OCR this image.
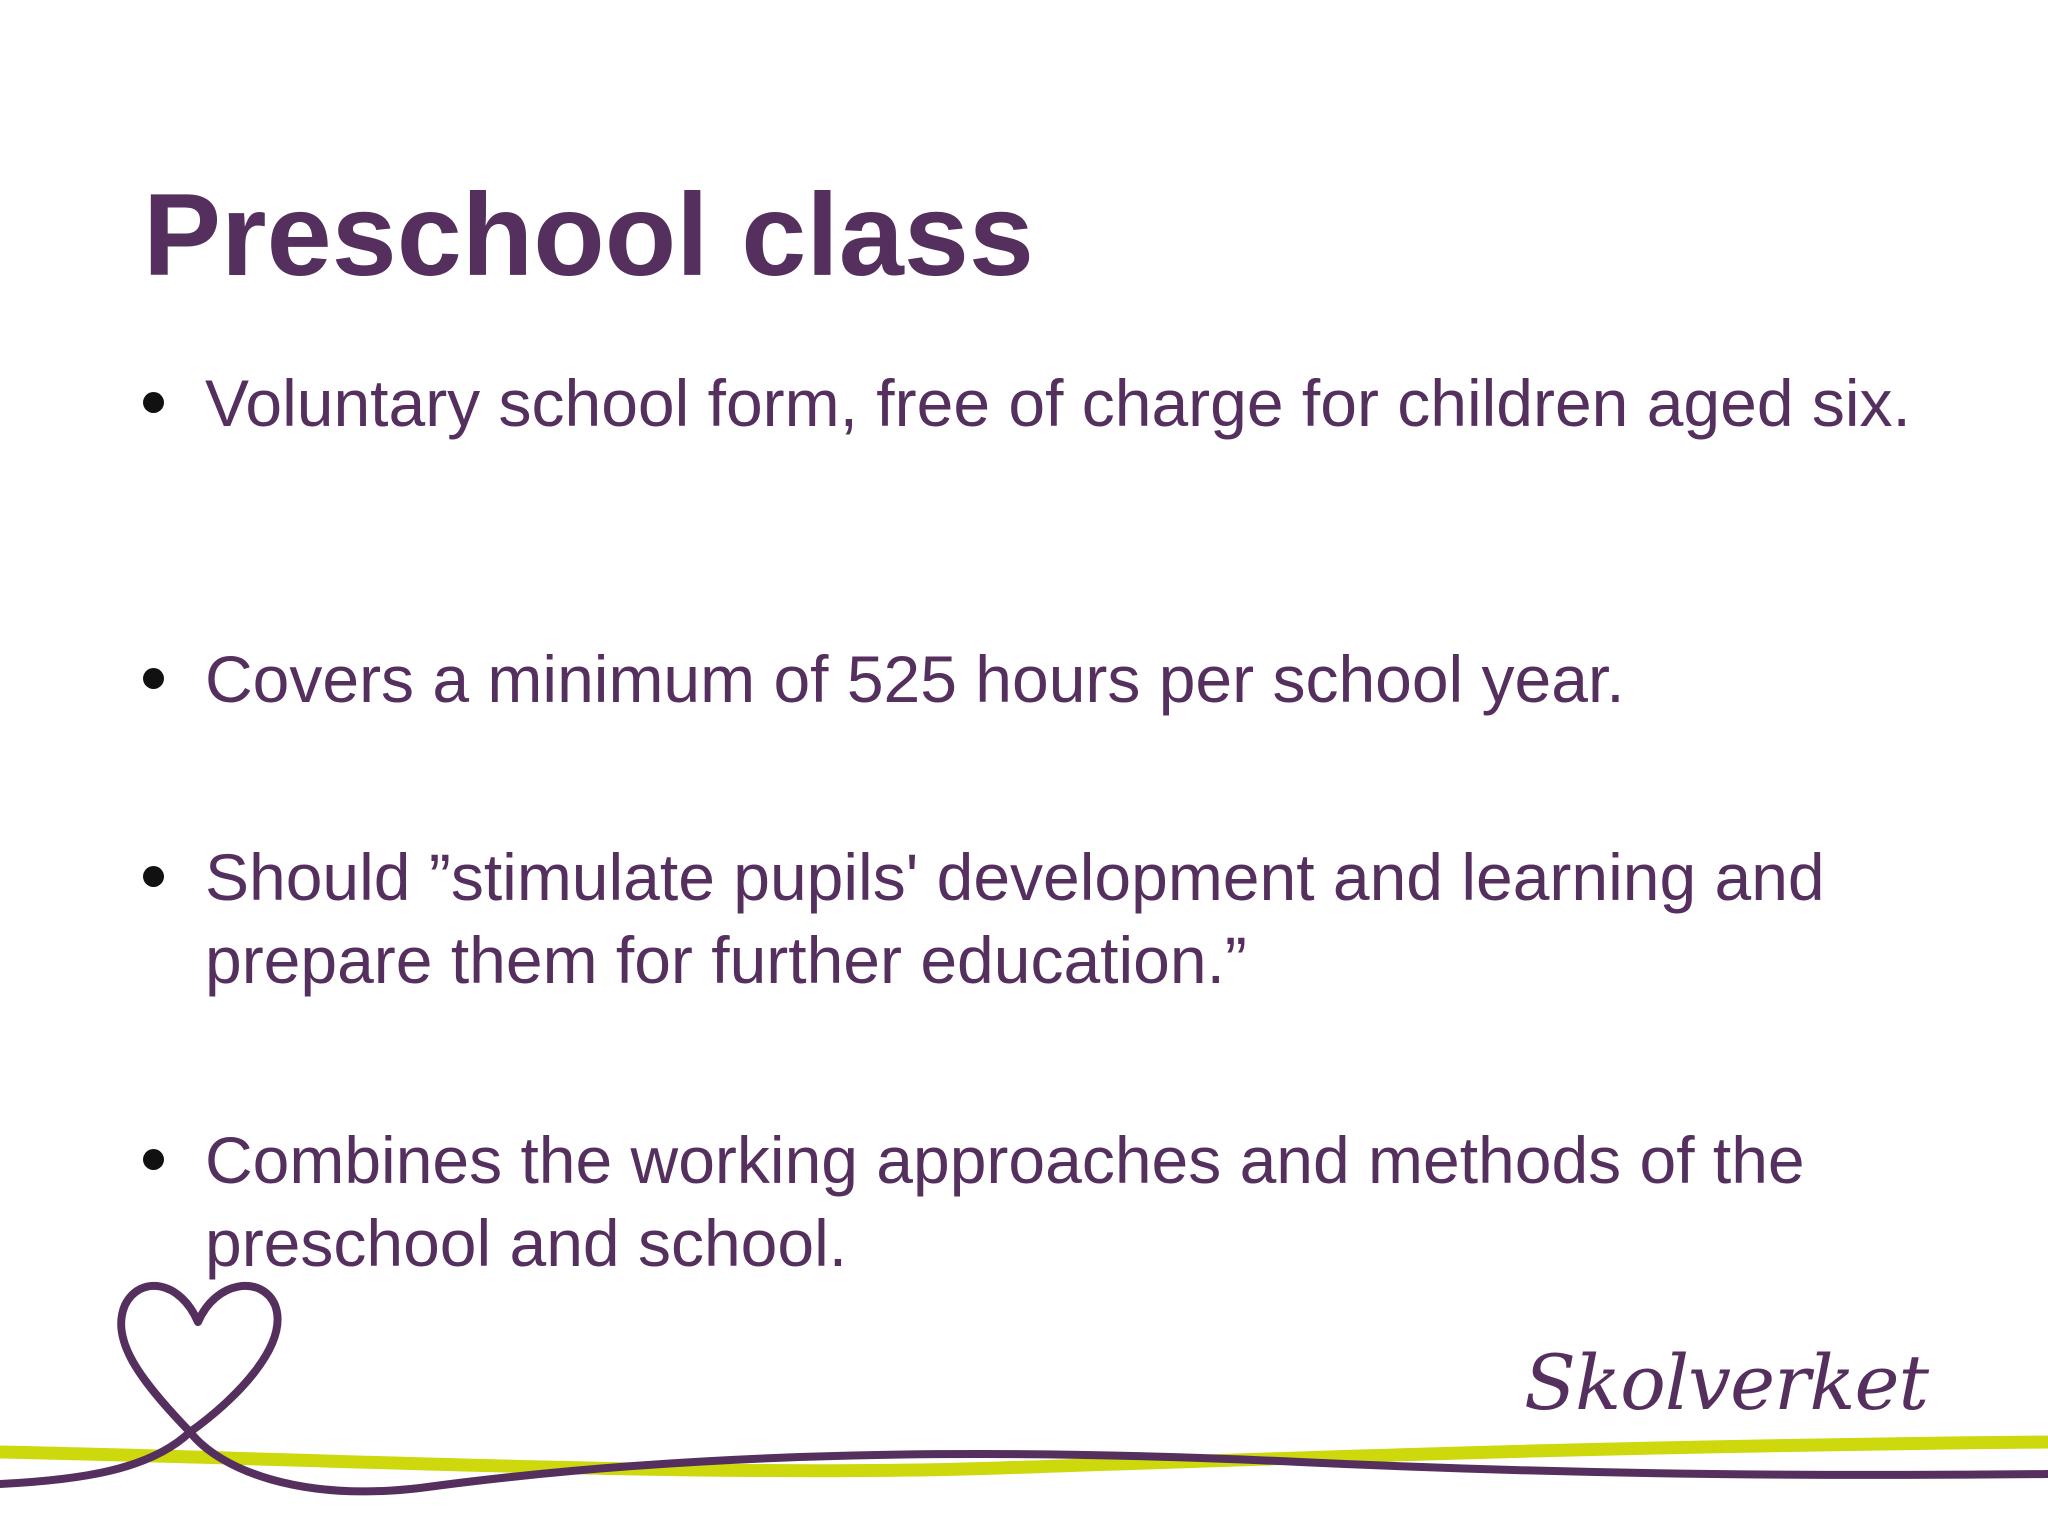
Preschool class
Voluntary school form, free of charge for children aged six.
Covers a minimum of 525 hours per school year.
Should ”stimulate pupils' development and learning and prepare them for further education.”
Combines the working approaches and methods of the preschool and school.
Skolverket
